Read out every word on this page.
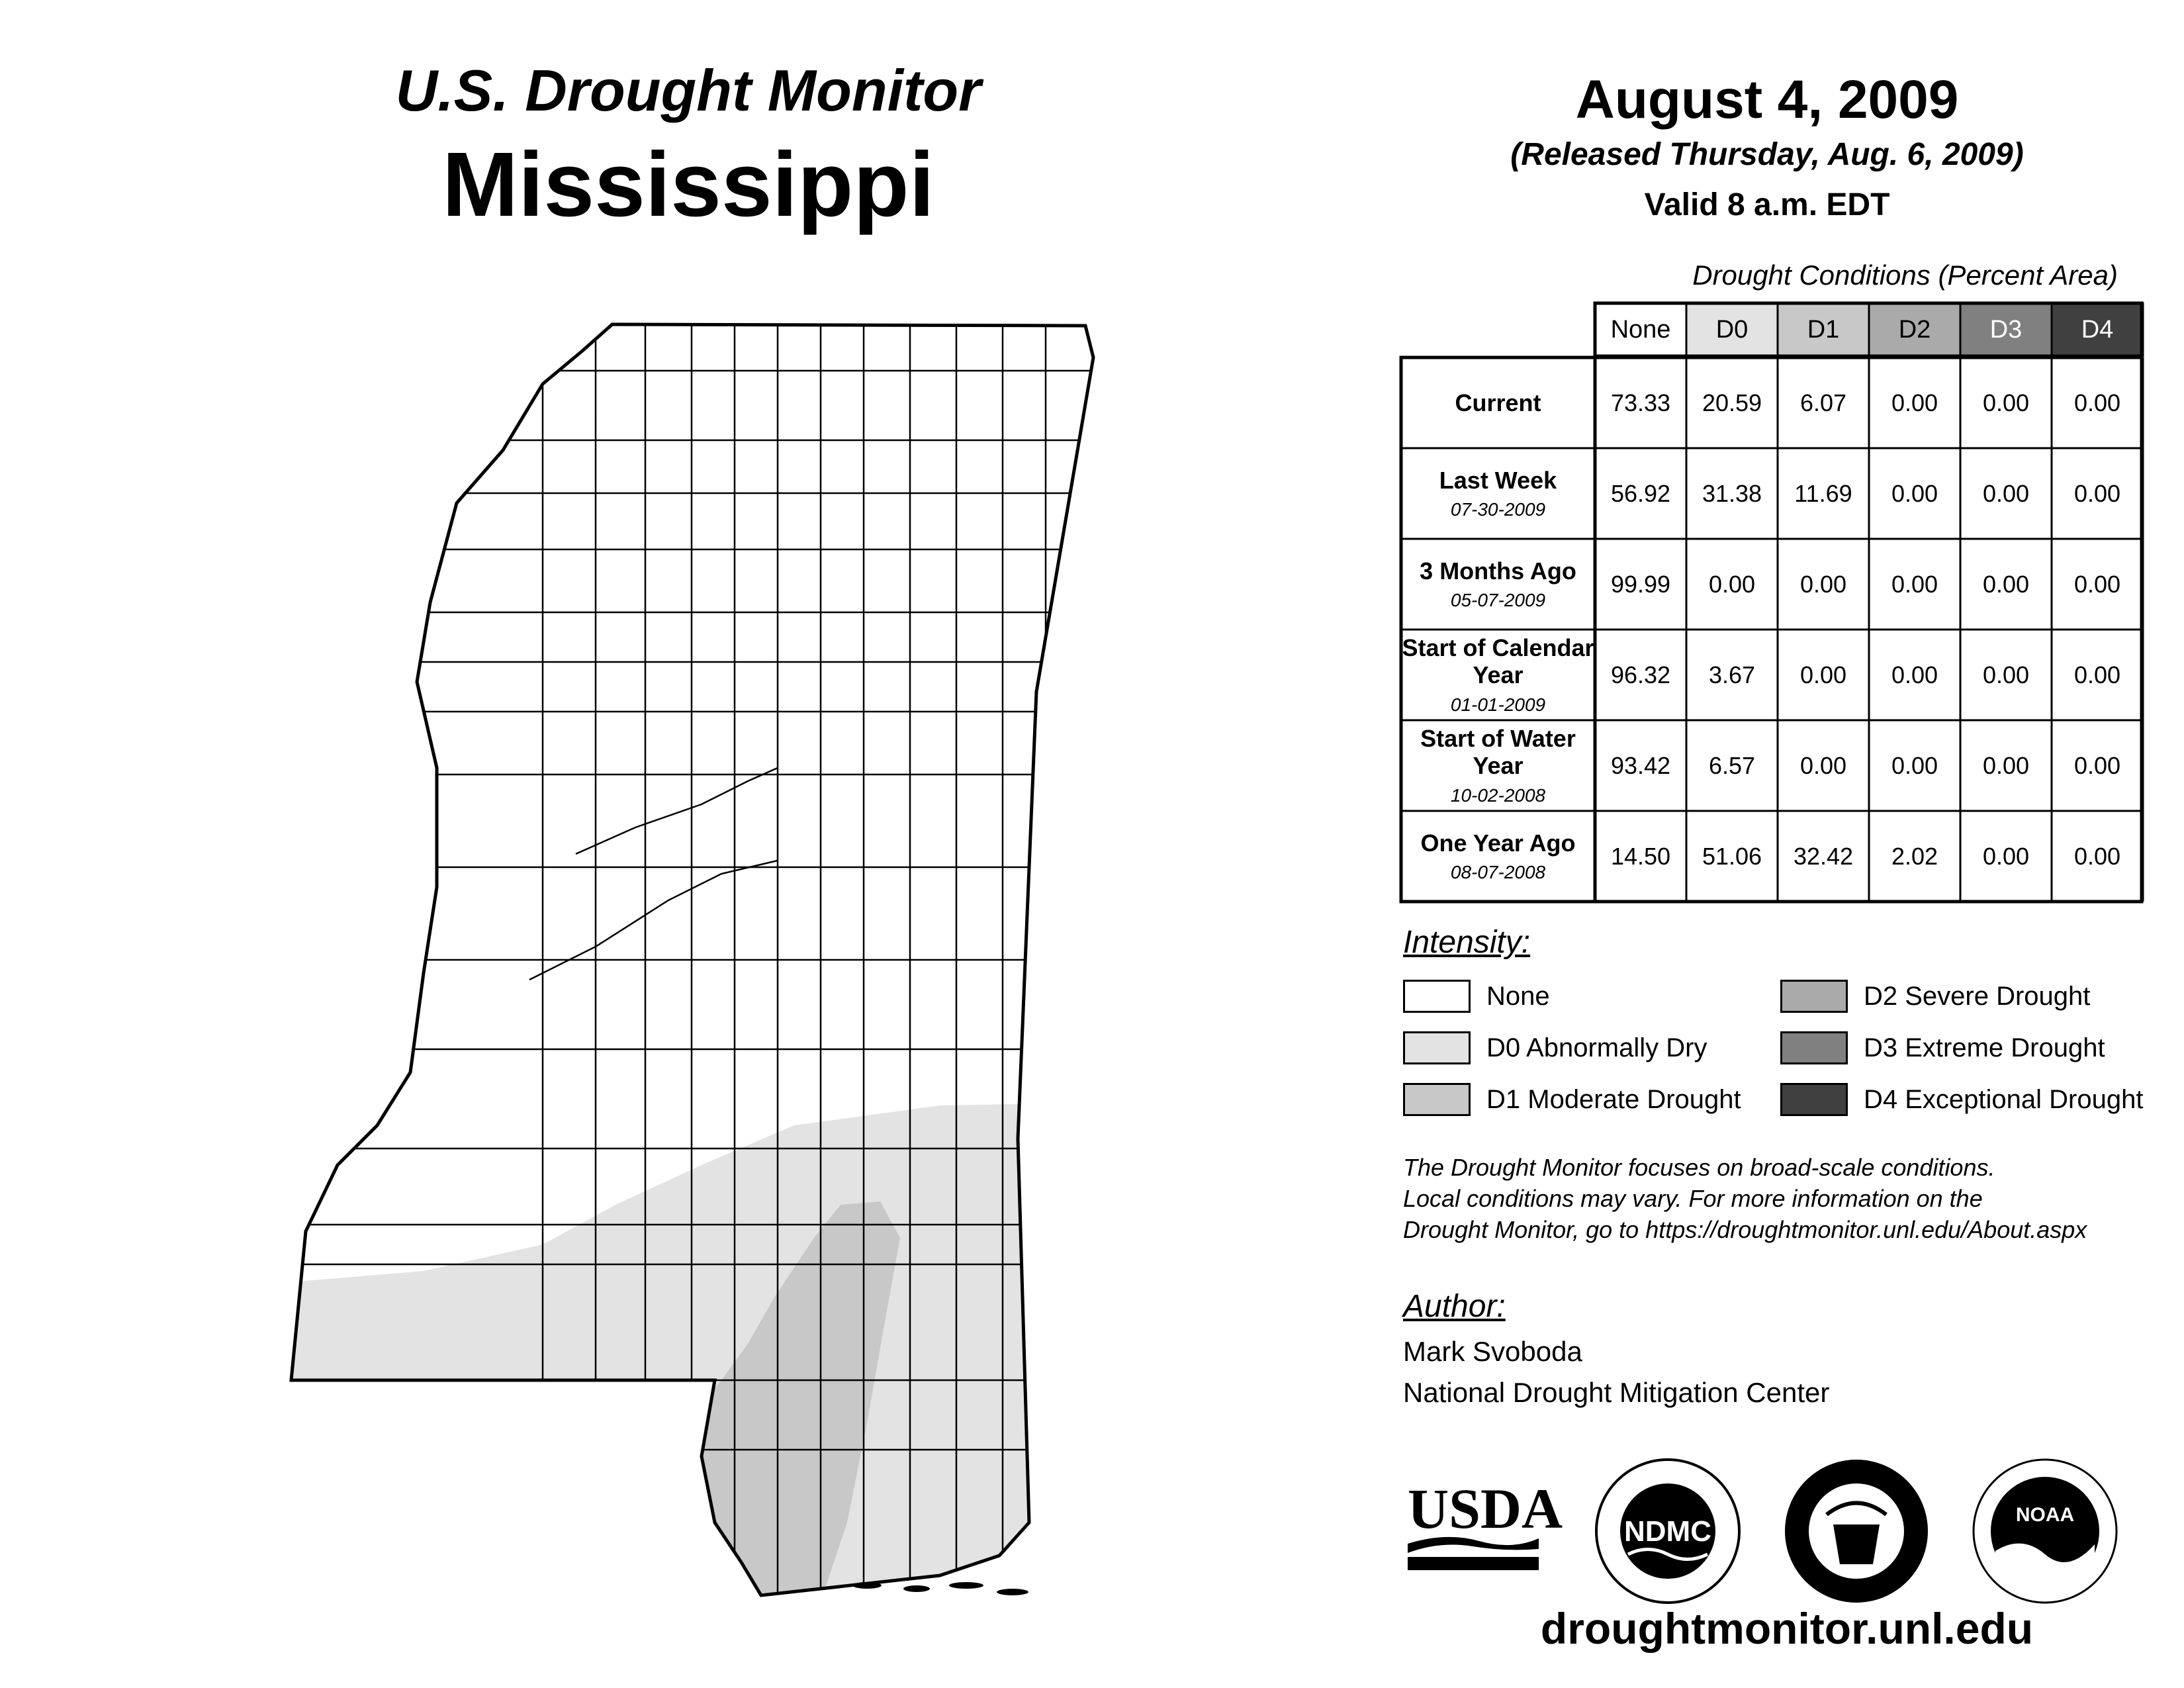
U.S. Drought Monitor
Mississippi
August 4, 2009
(Released Thursday, Aug. 6, 2009)
Valid 8 a.m. EDT
Drought Conditions (Percent Area)
None	D0	D1	D2	D3	D4
Current	73.33	20.59	6.07	0.00	0.00	0.00
Last Week
07-30-2009
56.92	31.38	11.69	0.00	0.00	0.00
3 Months Ago
05-07-2009
99.99	0.00	0.00	0.00	0.00	0.00
Start of Calendar Year
01-01-2009
96.32	3.67	0.00	0.00	0.00	0.00
Start of Water Year
10-02-2008
93.42	6.57	0.00	0.00	0.00	0.00
One Year Ago
08-07-2008
14.50	51.06	32.42	2.02	0.00	0.00
Intensity:
None
D0 Abnormally Dry
D1 Moderate Drought
D2 Severe Drought
D3 Extreme Drought
D4 Exceptional Drought
The Drought Monitor focuses on broad-scale conditions.
Local conditions may vary. For more information on the
Drought Monitor, go to https://droughtmonitor.unl.edu/About.aspx
Author:
Mark Svoboda
National Drought Mitigation Center
USDA NDMC
NOAA
droughtmonitor.unl.edu
